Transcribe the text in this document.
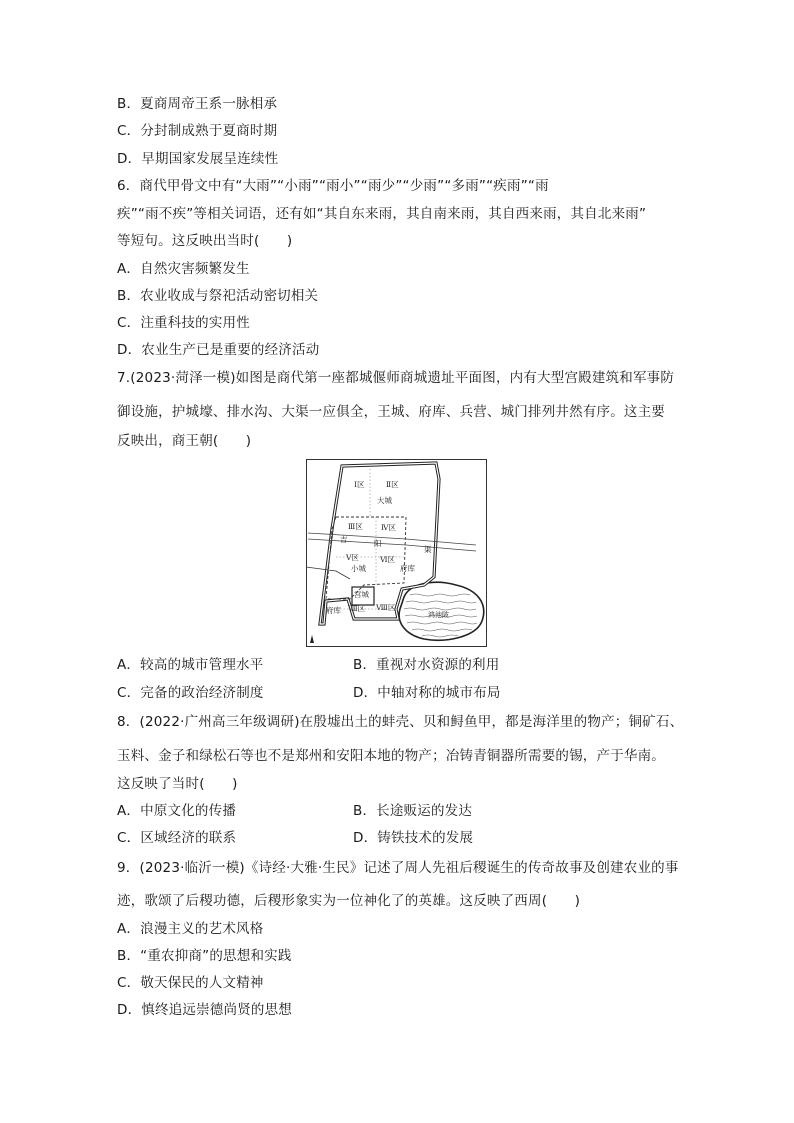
B．夏商周帝王系一脉相承
C．分封制成熟于夏商时期
D．早期国家发展呈连续性
6．商代甲骨文中有“大雨”“小雨”“雨小”“雨少”“少雨”“多雨”“疾雨”“雨
疾”“雨不疾”等相关词语，还有如“其自东来雨，其自南来雨，其自西来雨，其自北来雨”
等短句。这反映出当时(　　)
A．自然灾害频繁发生
B．农业收成与祭祀活动密切相关
C．注重科技的实用性
D．农业生产已是重要的经济活动
7.(2023·菏泽一模)如图是商代第一座都城偃师商城遗址平面图，内有大型宫殿建筑和军事防
御设施，护城壕、排水沟、大渠一应俱全，王城、府库、兵营、城门排列井然有序。这主要
反映出，商王朝(　　)
Ⅰ区	Ⅱ区
大城
Ⅲ区 Ⅳ区
吉	阳
渠
Ⅴ区	Ⅵ区
小城	府库
宫城
府库 Ⅶ区 Ⅷ区
鸿池陂
A．较高的城市管理水平	B．重视对水资源的利用
C．完备的政治经济制度	D．中轴对称的城市布局
8．(2022·广州高三年级调研)在殷墟出土的蚌壳、贝和鲟鱼甲，都是海洋里的物产；铜矿石、
玉料、金子和绿松石等也不是郑州和安阳本地的物产；冶铸青铜器所需要的锡，产于华南。
这反映了当时(　　)
A．中原文化的传播	B．长途贩运的发达
C．区域经济的联系	D．铸铁技术的发展
9．(2023·临沂一模)《诗经·大雅·生民》记述了周人先祖后稷诞生的传奇故事及创建农业的事
迹，歌颂了后稷功德，后稷形象实为一位神化了的英雄。这反映了西周(　　)
A．浪漫主义的艺术风格
B．“重农抑商”的思想和实践
C．敬天保民的人文精神
D．慎终追远崇德尚贤的思想
